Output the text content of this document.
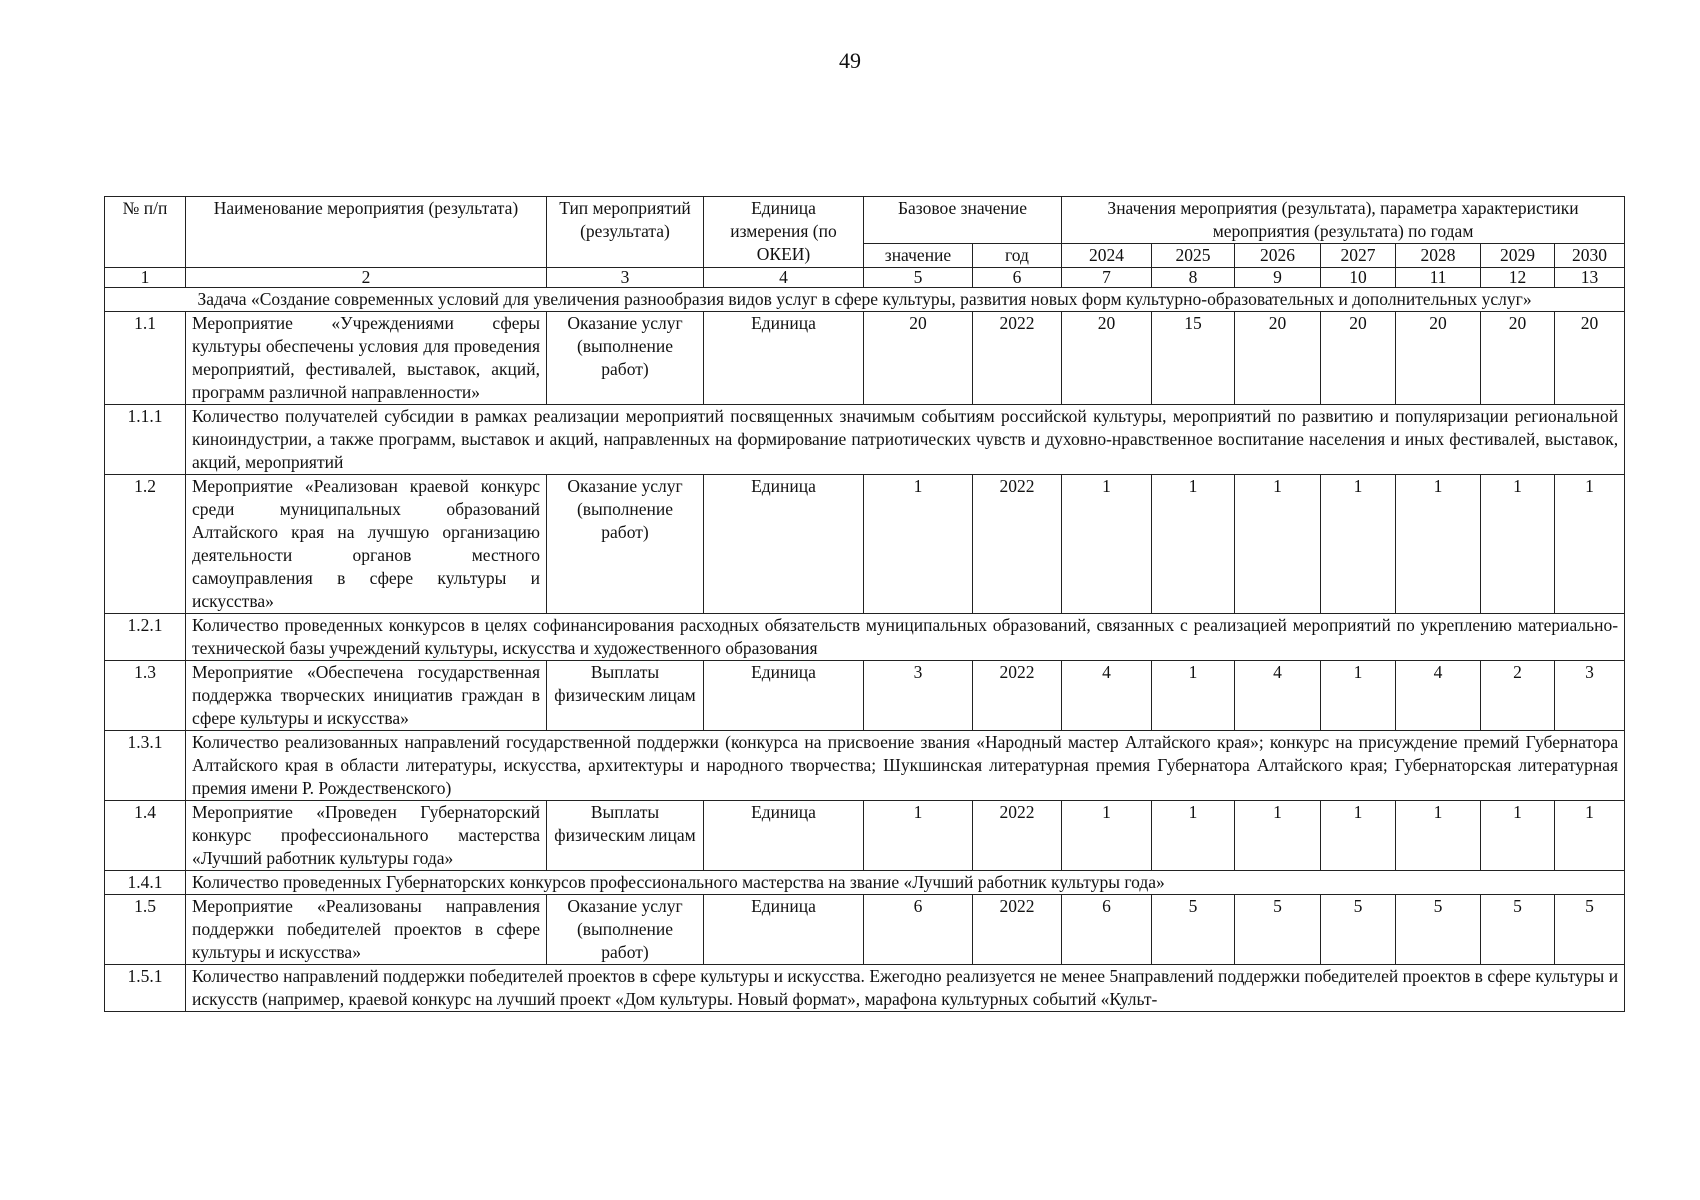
49
№ п/п	Наименование мероприятия (результата)	Тип мероприятий (результата)	Единица измерения (по ОКЕИ)	Базовое значение		Значения мероприятия (результата), параметра характеристики мероприятия (результата) по годам						
				значение	год	2024	2025	2026	2027	2028	2029	2030
1	2	3	4	5	6	7	8	9	10	11	12	13
Задача «Создание современных условий для увеличения разнообразия видов услуг в сфере культуры, развития новых форм культурно-образовательных и дополнительных услуг»												
1.1	Мероприятие «Учреждениями сферы культуры обеспечены условия для проведения мероприятий, фестивалей, выставок, акций, программ различной направленности»	Оказание услуг (выполнение работ)	Единица	20	2022	20	15	20	20	20	20	20
1.1.1	Количество получателей субсидии в рамках реализации мероприятий посвященных значимым событиям российской культуры, мероприятий по развитию и популяризации региональной киноиндустрии, а также программ, выставок и акций, направленных на формирование патриотических чувств и духовно-нравственное воспитание населения и иных фестивалей, выставок, акций, мероприятий											
1.2	Мероприятие «Реализован краевой конкурс среди муниципальных образований Алтайского края на лучшую организацию деятельности органов местного самоуправления в сфере культуры и искусства»	Оказание услуг (выполнение работ)	Единица	1	2022	1	1	1	1	1	1	1
1.2.1	Количество проведенных конкурсов в целях софинансирования расходных обязательств муниципальных образований, связанных с реализацией мероприятий по укреплению материально-технической базы учреждений культуры, искусства и художественного образования											
1.3	Мероприятие «Обеспечена государственная поддержка творческих инициатив граждан в сфере культуры и искусства»	Выплаты физическим лицам	Единица	3	2022	4	1	4	1	4	2	3
1.3.1	Количество реализованных направлений государственной поддержки (конкурса на присвоение звания «Народный мастер Алтайского края»; конкурс на присуждение премий Губернатора Алтайского края в области литературы, искусства, архитектуры и народного творчества; Шукшинская литературная премия Губернатора Алтайского края; Губернаторская литературная премия имени Р. Рождественского)											
1.4	Мероприятие «Проведен Губернаторский конкурс профессионального мастерства «Лучший работник культуры года»	Выплаты физическим лицам	Единица	1	2022	1	1	1	1	1	1	1
1.4.1	Количество проведенных Губернаторских конкурсов профессионального мастерства на звание «Лучший работник культуры года»											
1.5	Мероприятие «Реализованы направления поддержки победителей проектов в сфере культуры и искусства»	Оказание услуг (выполнение работ)	Единица	6	2022	6	5	5	5	5	5	5
1.5.1	Количество направлений поддержки победителей проектов в сфере культуры и искусства. Ежегодно реализуется не менее 5направлений поддержки победителей проектов в сфере культуры и искусств (например, краевой конкурс на лучший проект «Дом культуры. Новый формат», марафона культурных событий «Культ-											
